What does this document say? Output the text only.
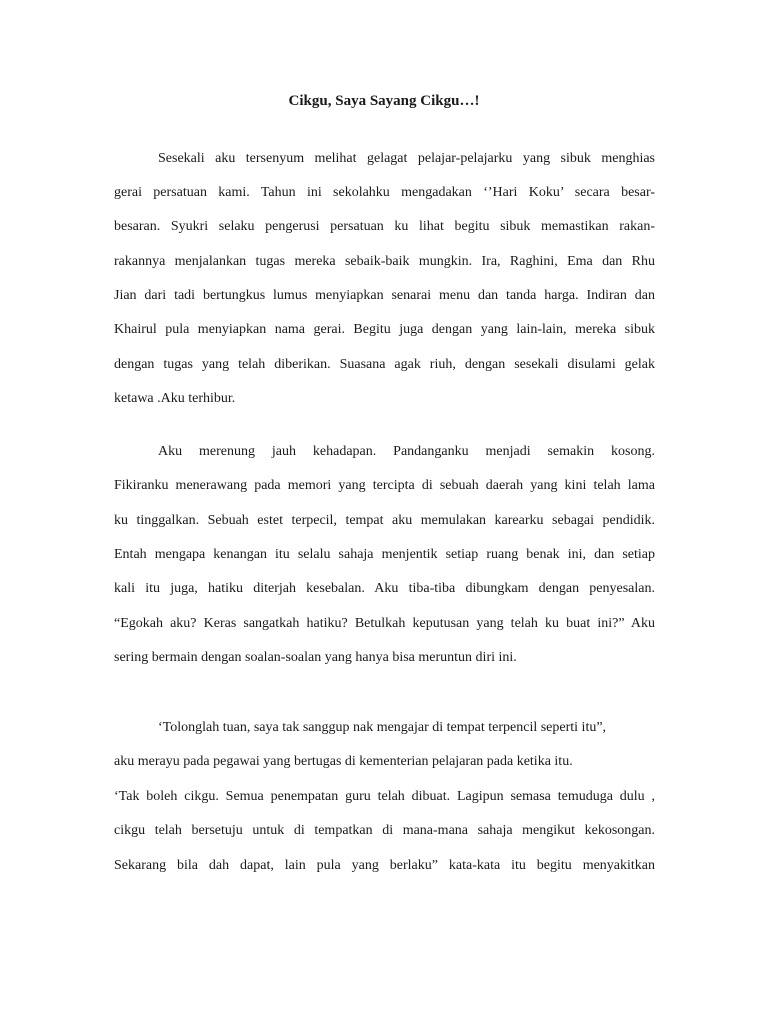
Cikgu, Saya Sayang Cikgu…!

Sesekali aku tersenyum melihat gelagat pelajar-pelajarku yang sibuk menghias

gerai persatuan kami. Tahun ini sekolahku mengadakan ‘’Hari Koku’ secara besar-

besaran. Syukri selaku pengerusi persatuan ku lihat begitu sibuk memastikan rakan-

rakannya menjalankan tugas mereka sebaik-baik mungkin. Ira, Raghini, Ema dan Rhu

Jian dari tadi bertungkus lumus menyiapkan senarai menu dan tanda harga. Indiran dan

Khairul pula menyiapkan nama gerai. Begitu juga dengan yang lain-lain, mereka sibuk

dengan tugas yang telah diberikan. Suasana agak riuh, dengan sesekali disulami gelak

ketawa .Aku terhibur.

Aku merenung jauh kehadapan. Pandanganku menjadi semakin kosong.

Fikiranku menerawang pada memori yang tercipta di sebuah daerah yang kini telah lama

ku tinggalkan. Sebuah estet terpecil, tempat aku memulakan karearku sebagai pendidik.

Entah mengapa kenangan itu selalu sahaja menjentik setiap ruang benak ini, dan setiap

kali itu juga, hatiku diterjah kesebalan. Aku tiba-tiba dibungkam dengan penyesalan.

“Egokah aku? Keras sangatkah hatiku? Betulkah keputusan yang telah ku buat ini?” Aku

sering bermain dengan soalan-soalan yang hanya bisa meruntun diri ini.

‘Tolonglah tuan, saya tak sanggup nak mengajar di tempat terpencil seperti itu”,

aku merayu pada pegawai yang bertugas di kementerian pelajaran pada ketika itu.

‘Tak boleh cikgu. Semua penempatan guru telah dibuat. Lagipun semasa temuduga dulu ,

cikgu telah bersetuju untuk di tempatkan di mana-mana sahaja mengikut kekosongan.

Sekarang bila dah dapat, lain pula yang berlaku” kata-kata itu begitu menyakitkan
